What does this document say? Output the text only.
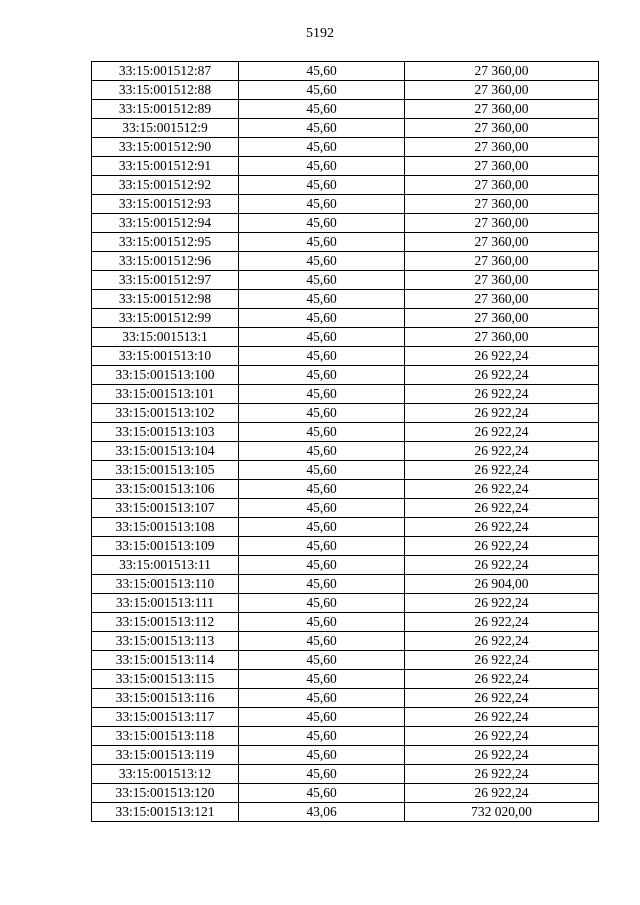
5192
33:15:001512:87	45,60	27 360,00
33:15:001512:88	45,60	27 360,00
33:15:001512:89	45,60	27 360,00
33:15:001512:9	45,60	27 360,00
33:15:001512:90	45,60	27 360,00
33:15:001512:91	45,60	27 360,00
33:15:001512:92	45,60	27 360,00
33:15:001512:93	45,60	27 360,00
33:15:001512:94	45,60	27 360,00
33:15:001512:95	45,60	27 360,00
33:15:001512:96	45,60	27 360,00
33:15:001512:97	45,60	27 360,00
33:15:001512:98	45,60	27 360,00
33:15:001512:99	45,60	27 360,00
33:15:001513:1	45,60	27 360,00
33:15:001513:10	45,60	26 922,24
33:15:001513:100	45,60	26 922,24
33:15:001513:101	45,60	26 922,24
33:15:001513:102	45,60	26 922,24
33:15:001513:103	45,60	26 922,24
33:15:001513:104	45,60	26 922,24
33:15:001513:105	45,60	26 922,24
33:15:001513:106	45,60	26 922,24
33:15:001513:107	45,60	26 922,24
33:15:001513:108	45,60	26 922,24
33:15:001513:109	45,60	26 922,24
33:15:001513:11	45,60	26 922,24
33:15:001513:110	45,60	26 904,00
33:15:001513:111	45,60	26 922,24
33:15:001513:112	45,60	26 922,24
33:15:001513:113	45,60	26 922,24
33:15:001513:114	45,60	26 922,24
33:15:001513:115	45,60	26 922,24
33:15:001513:116	45,60	26 922,24
33:15:001513:117	45,60	26 922,24
33:15:001513:118	45,60	26 922,24
33:15:001513:119	45,60	26 922,24
33:15:001513:12	45,60	26 922,24
33:15:001513:120	45,60	26 922,24
33:15:001513:121	43,06	732 020,00
